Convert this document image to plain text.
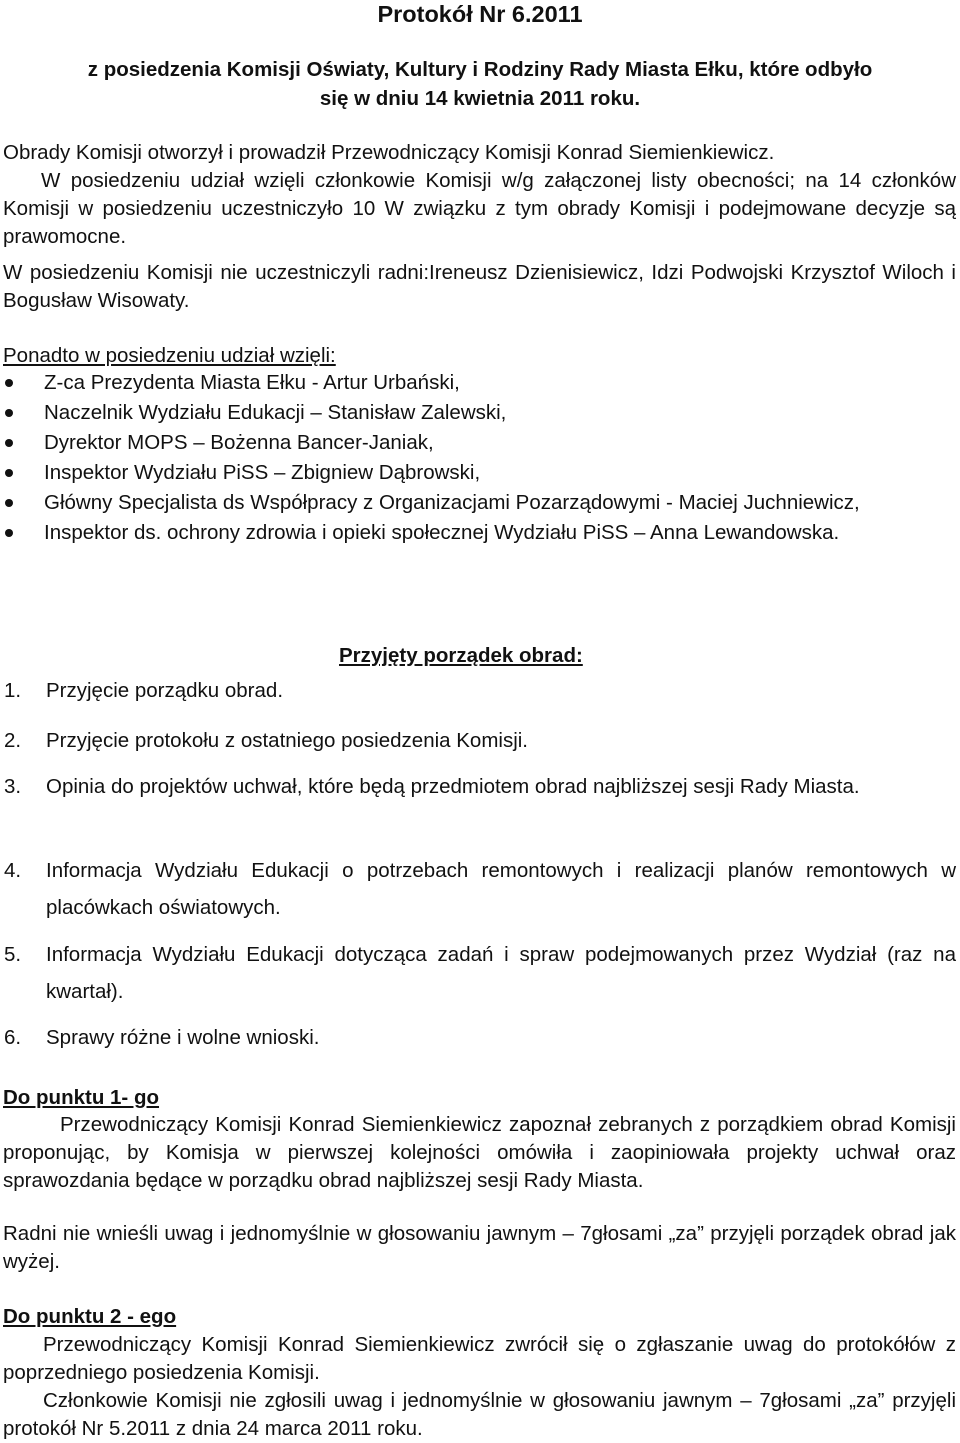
Protokół Nr 6.2011
z posiedzenia Komisji Oświaty, Kultury i Rodziny Rady Miasta Ełku, które odbyło
się w dniu 14 kwietnia 2011 roku.
Obrady Komisji otworzył i prowadził Przewodniczący Komisji Konrad Siemienkiewicz.
W posiedzeniu udział wzięli członkowie Komisji w/g załączonej listy obecności; na 14 członków Komisji w posiedzeniu uczestniczyło 10 W związku z tym obrady Komisji i podejmowane decyzje są prawomocne.
W posiedzeniu Komisji nie uczestniczyli radni:Ireneusz Dzienisiewicz, Idzi Podwojski Krzysztof Wiloch i Bogusław Wisowaty.
Ponadto w posiedzeniu udział wzięli:
Z-ca Prezydenta Miasta Ełku - Artur Urbański,
Naczelnik Wydziału Edukacji – Stanisław Zalewski,
Dyrektor MOPS – Bożenna Bancer-Janiak,
Inspektor Wydziału PiSS – Zbigniew Dąbrowski,
Główny Specjalista ds Współpracy z Organizacjami Pozarządowymi - Maciej Juchniewicz,
Inspektor ds. ochrony zdrowia i opieki społecznej Wydziału PiSS – Anna Lewandowska.
Przyjęty porządek obrad:
1. Przyjęcie porządku obrad.
2. Przyjęcie protokołu z ostatniego posiedzenia Komisji.
3. Opinia do projektów uchwał, które będą przedmiotem obrad najbliższej sesji Rady Miasta.
4. Informacja Wydziału Edukacji o potrzebach remontowych i realizacji planów remontowych w placówkach oświatowych.
5. Informacja Wydziału Edukacji dotycząca zadań i spraw podejmowanych przez Wydział (raz na kwartał).
6. Sprawy różne i wolne wnioski.
Do punktu 1- go
Przewodniczący Komisji Konrad Siemienkiewicz zapoznał zebranych z porządkiem obrad Komisji proponując, by Komisja w pierwszej kolejności omówiła i zaopiniowała projekty uchwał oraz sprawozdania będące w porządku obrad najbliższej sesji Rady Miasta.
Radni nie wnieśli uwag i jednomyślnie w głosowaniu jawnym – 7głosami „za” przyjęli porządek obrad jak wyżej.
Do punktu 2 - ego
Przewodniczący Komisji Konrad Siemienkiewicz zwrócił się o zgłaszanie uwag do protokółów z poprzedniego posiedzenia Komisji.
Członkowie Komisji nie zgłosili uwag i jednomyślnie w głosowaniu jawnym – 7głosami „za” przyjęli protokół Nr 5.2011 z dnia 24 marca 2011 roku.
